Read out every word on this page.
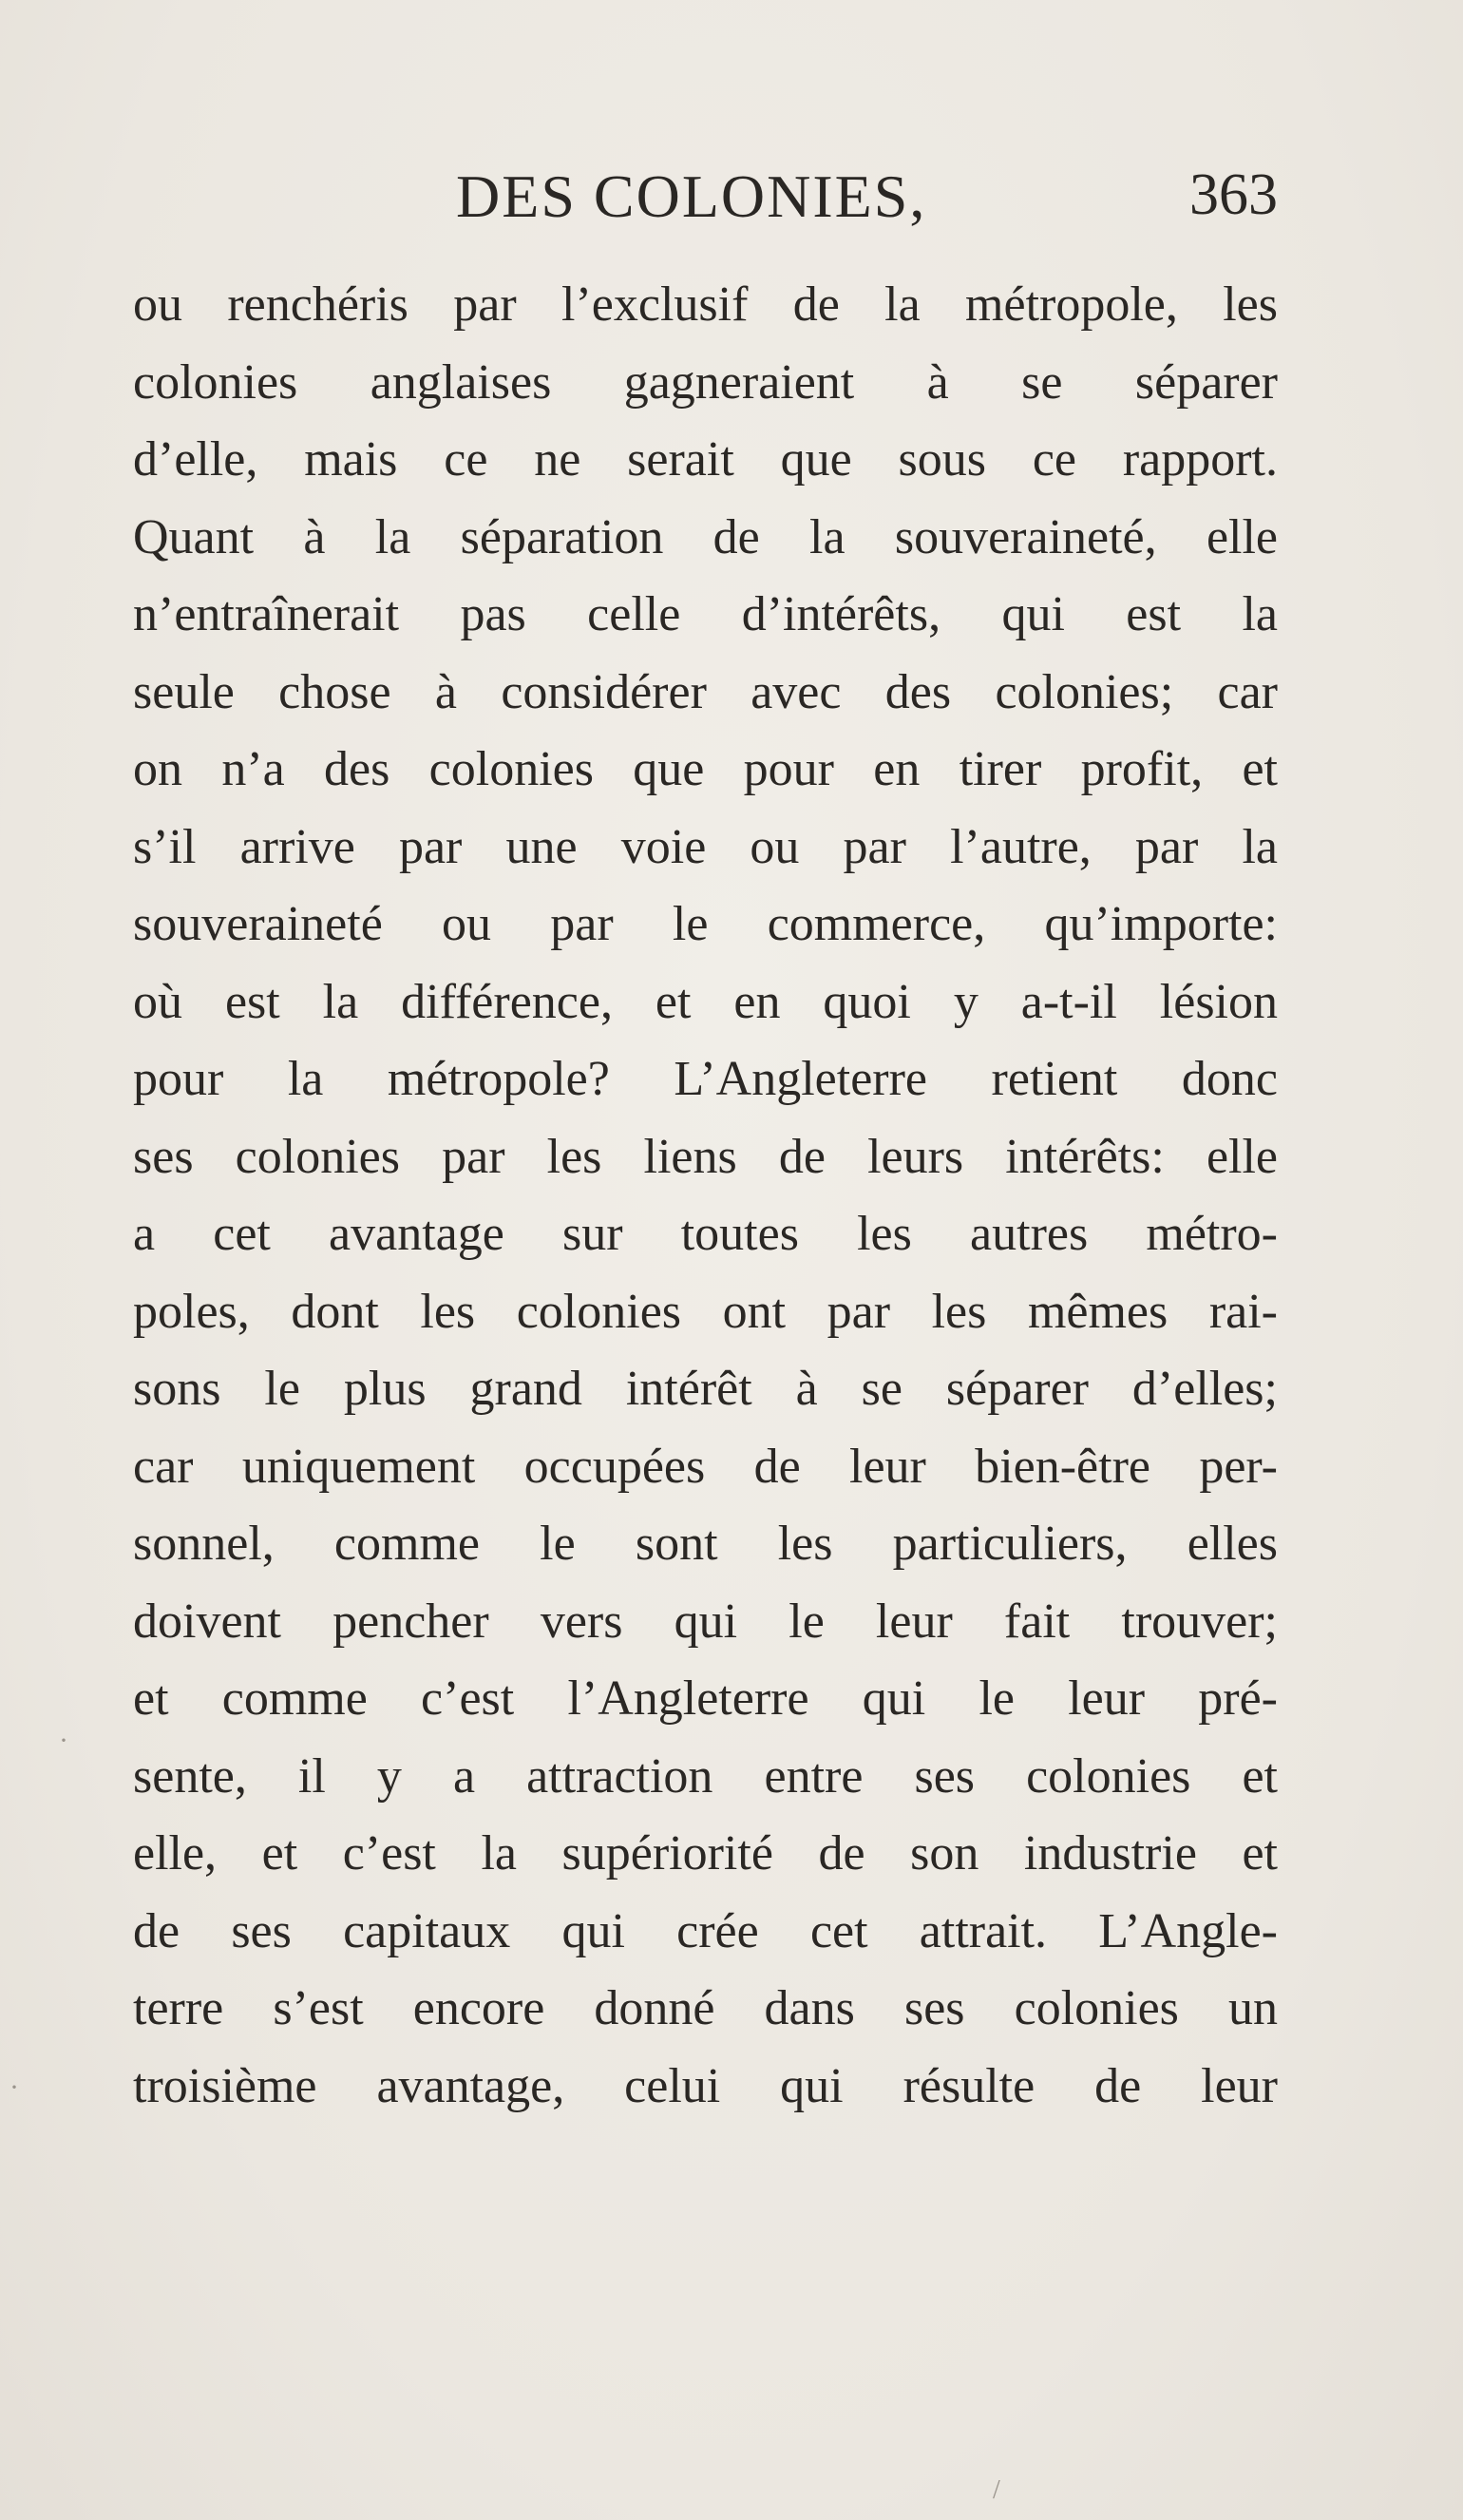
DES COLONIES,	363
ou renchéris par l’exclusif de la métropole, les
colonies anglaises gagneraient à se séparer
d’elle, mais ce ne serait que sous ce rapport.
Quant à la séparation de la souveraineté, elle
n’entraînerait pas celle d’intérêts, qui est la
seule chose à considérer avec des colonies; car
on n’a des colonies que pour en tirer profit, et
s’il arrive par une voie ou par l’autre, par la
souveraineté ou par le commerce, qu’importe:
où est la différence, et en quoi y a-t-il lésion
pour la métropole? L’Angleterre retient donc
ses colonies par les liens de leurs intérêts: elle
a cet avantage sur toutes les autres métro-
poles, dont les colonies ont par les mêmes rai-
sons le plus grand intérêt à se séparer d’elles;
car uniquement occupées de leur bien-être per-
sonnel, comme le sont les particuliers, elles
doivent pencher vers qui le leur fait trouver;
et comme c’est l’Angleterre qui le leur pré-
sente, il y a attraction entre ses colonies et
elle, et c’est la supériorité de son industrie et
de ses capitaux qui crée cet attrait. L’Angle-
terre s’est encore donné dans ses colonies un
troisième avantage, celui qui résulte de leur
·
·
/
